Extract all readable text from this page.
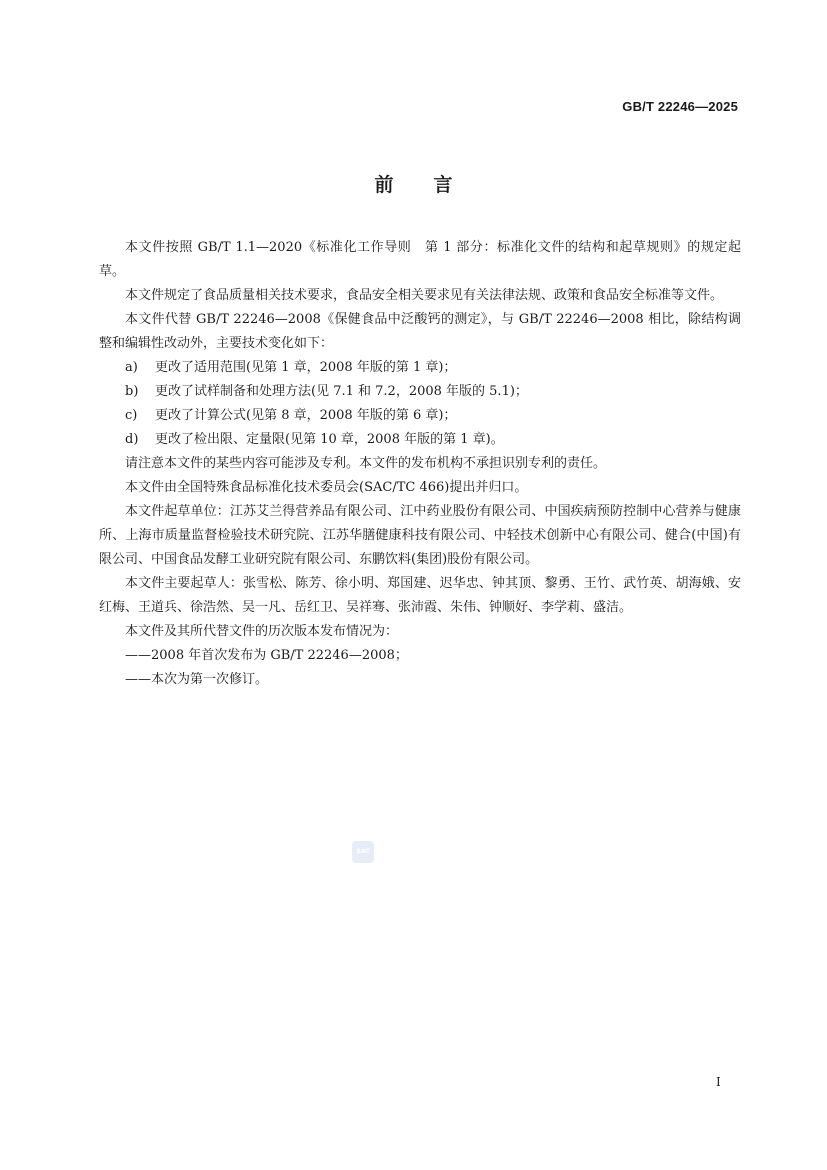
GB/T 22246—2025
前 言

本文件按照 GB/T 1.1—2020《标准化工作导则　第 1 部分：标准化文件的结构和起草规则》的规定起草。

本文件规定了食品质量相关技术要求，食品安全相关要求见有关法律法规、政策和食品安全标准等文件。

本文件代替 GB/T 22246—2008《保健食品中泛酸钙的测定》，与 GB/T 22246—2008 相比，除结构调整和编辑性改动外，主要技术变化如下：

a) 更改了适用范围(见第 1 章，2008 年版的第 1 章)；

b) 更改了试样制备和处理方法(见 7.1 和 7.2，2008 年版的 5.1)；

c) 更改了计算公式(见第 8 章，2008 年版的第 6 章)；

d) 更改了检出限、定量限(见第 10 章，2008 年版的第 1 章)。

请注意本文件的某些内容可能涉及专利。本文件的发布机构不承担识别专利的责任。

本文件由全国特殊食品标准化技术委员会(SAC/TC 466)提出并归口。

本文件起草单位：江苏艾兰得营养品有限公司、江中药业股份有限公司、中国疾病预防控制中心营养与健康所、上海市质量监督检验技术研究院、江苏华膳健康科技有限公司、中轻技术创新中心有限公司、健合(中国)有限公司、中国食品发酵工业研究院有限公司、东鹏饮料(集团)股份有限公司。

本文件主要起草人：张雪松、陈芳、徐小明、郑国建、迟华忠、钟其顶、黎勇、王竹、武竹英、胡海娥、安红梅、王道兵、徐浩然、吴一凡、岳红卫、吴祥骞、张沛霞、朱伟、钟顺好、李学莉、盛洁。

本文件及其所代替文件的历次版本发布情况为：

——2008 年首次发布为 GB/T 22246—2008；

——本次为第一次修订。

SAC
I
